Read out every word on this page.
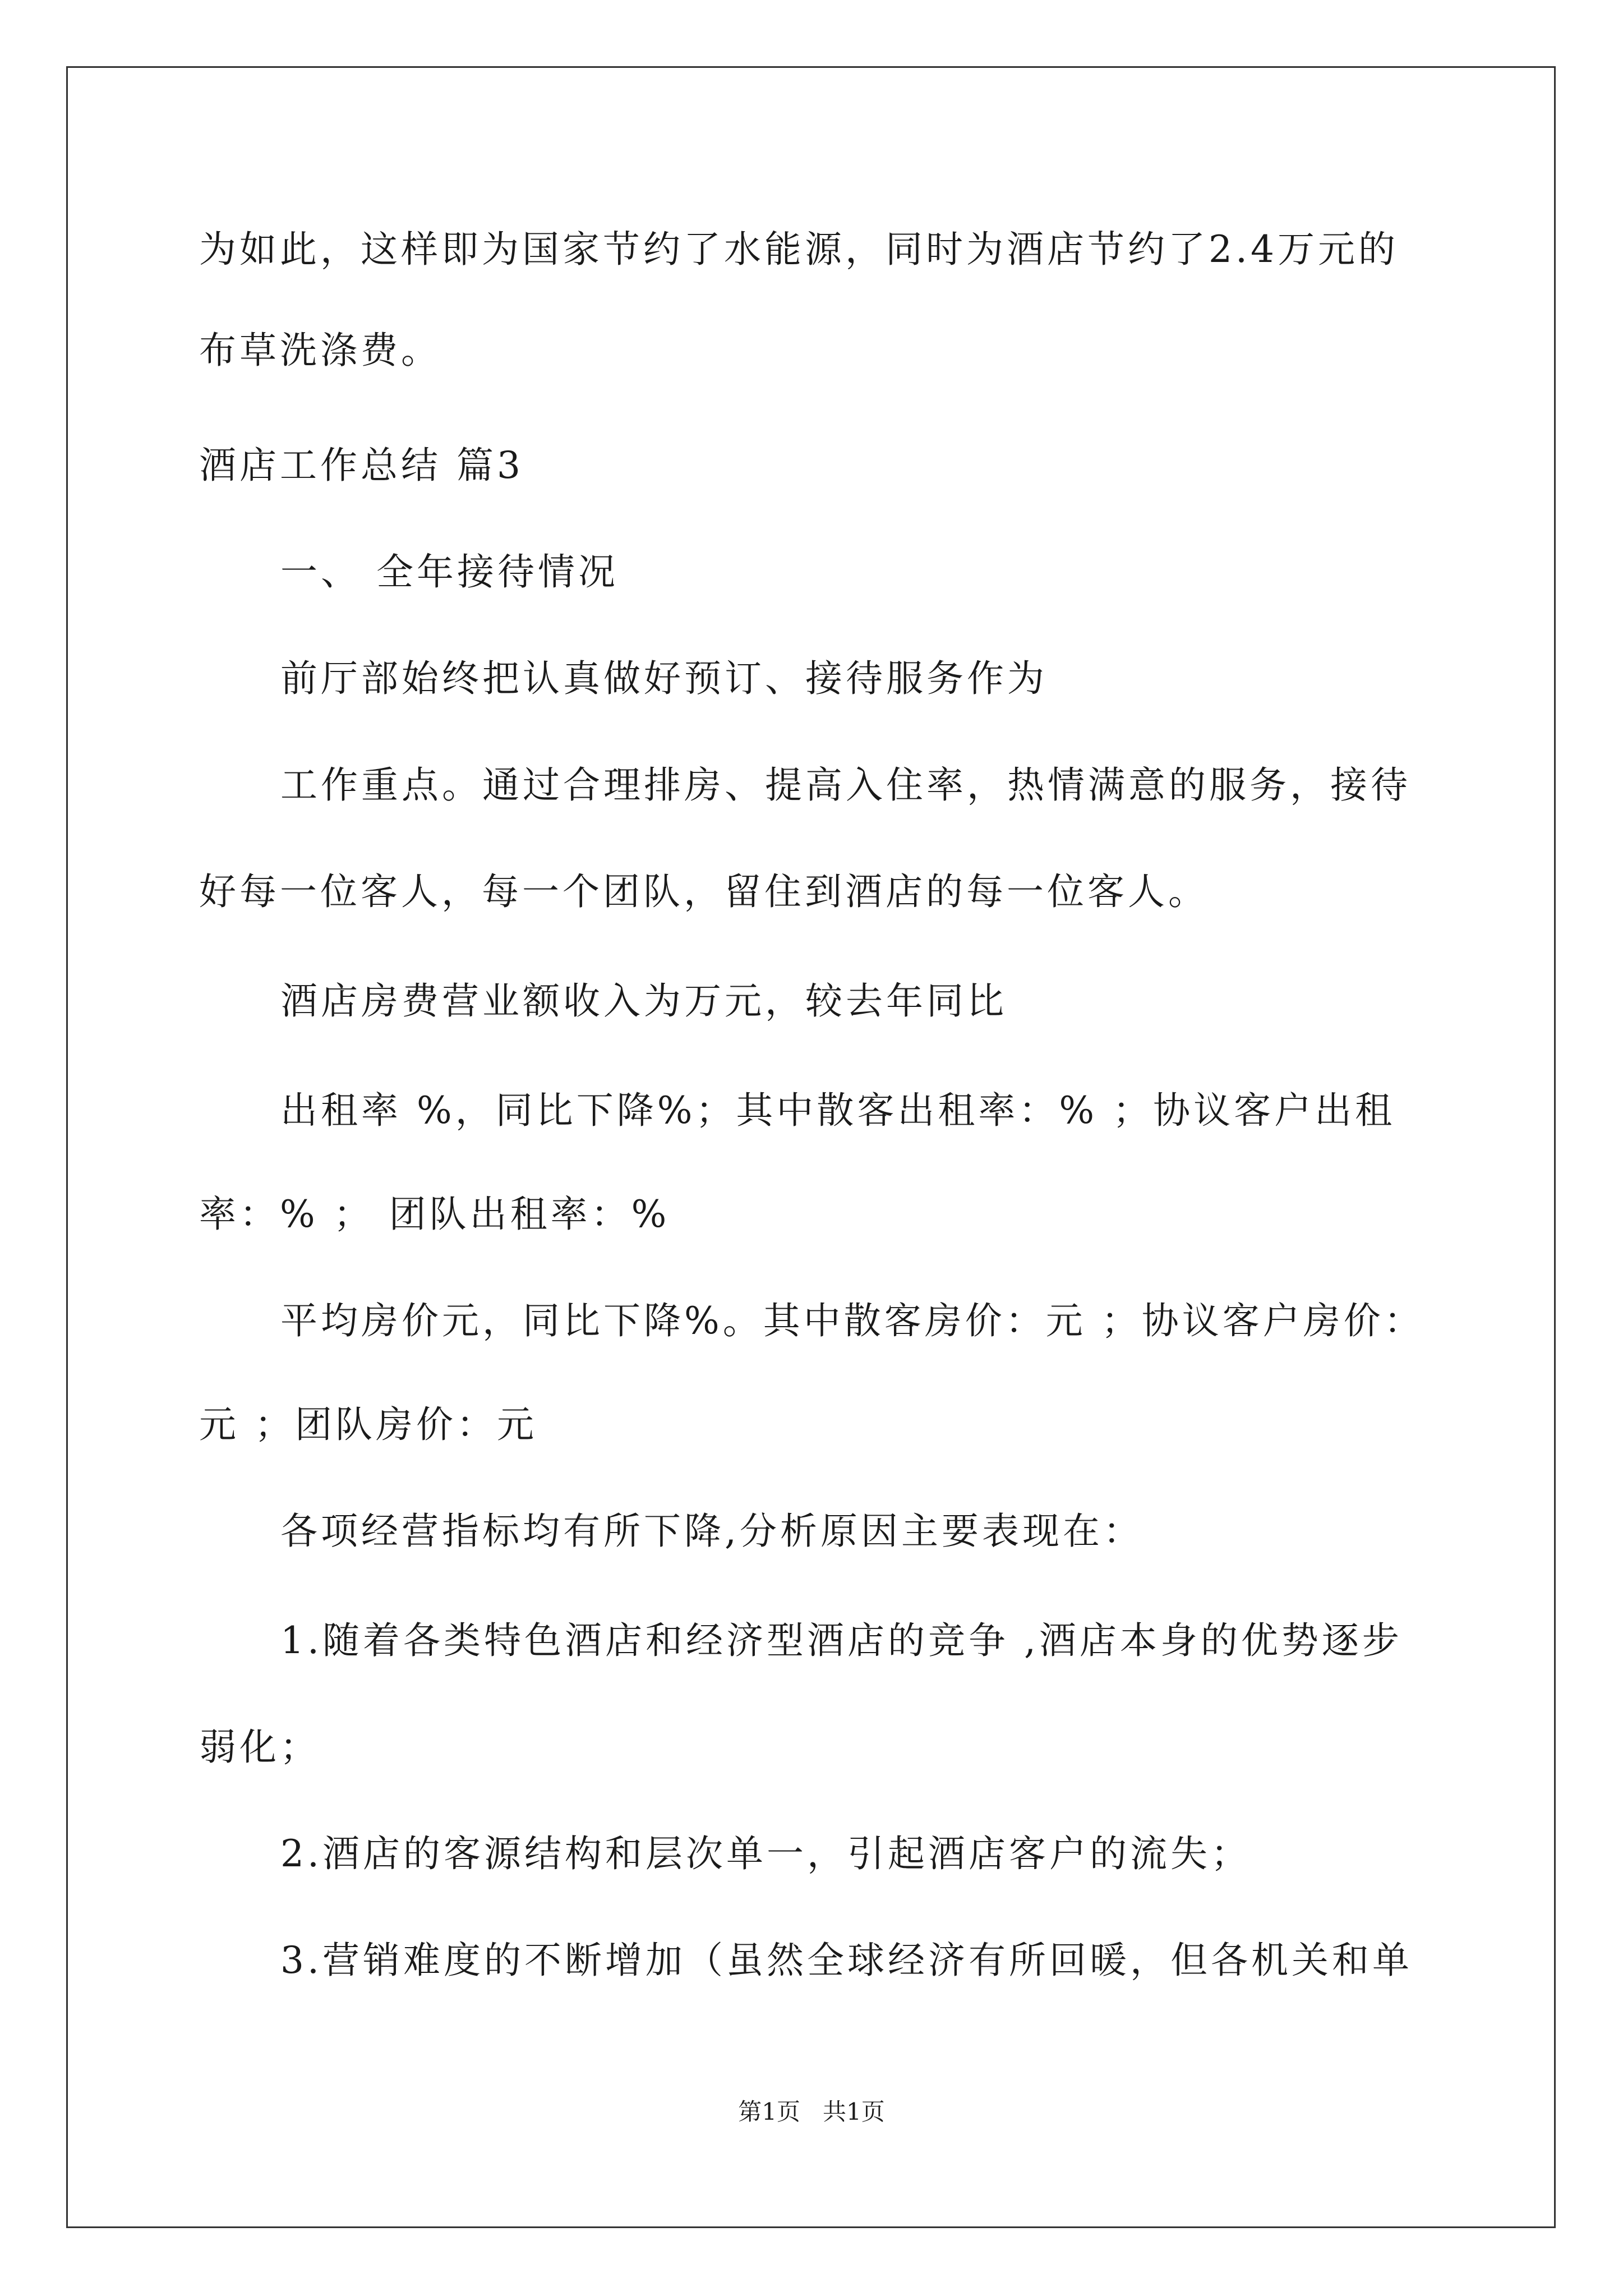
为如此，这样即为国家节约了水能源，同时为酒店节约了2.4万元的
布草洗涤费。
酒店工作总结 篇3
一、 全年接待情况
前厅部始终把认真做好预订、接待服务作为
工作重点。通过合理排房、提高入住率，热情满意的服务，接待
好每一位客人，每一个团队，留住到酒店的每一位客人。
酒店房费营业额收入为万元，较去年同比
出租率 %，同比下降%；其中散客出租率：% ；协议客户出租
率：% ； 团队出租率：%
平均房价元，同比下降%。其中散客房价：元 ；协议客户房价：
元 ；团队房价：元
各项经营指标均有所下降,分析原因主要表现在：
1.随着各类特色酒店和经济型酒店的竞争 ,酒店本身的优势逐步
弱化；
2.酒店的客源结构和层次单一，引起酒店客户的流失；
3.营销难度的不断增加（虽然全球经济有所回暖，但各机关和单
第1页   共1页
